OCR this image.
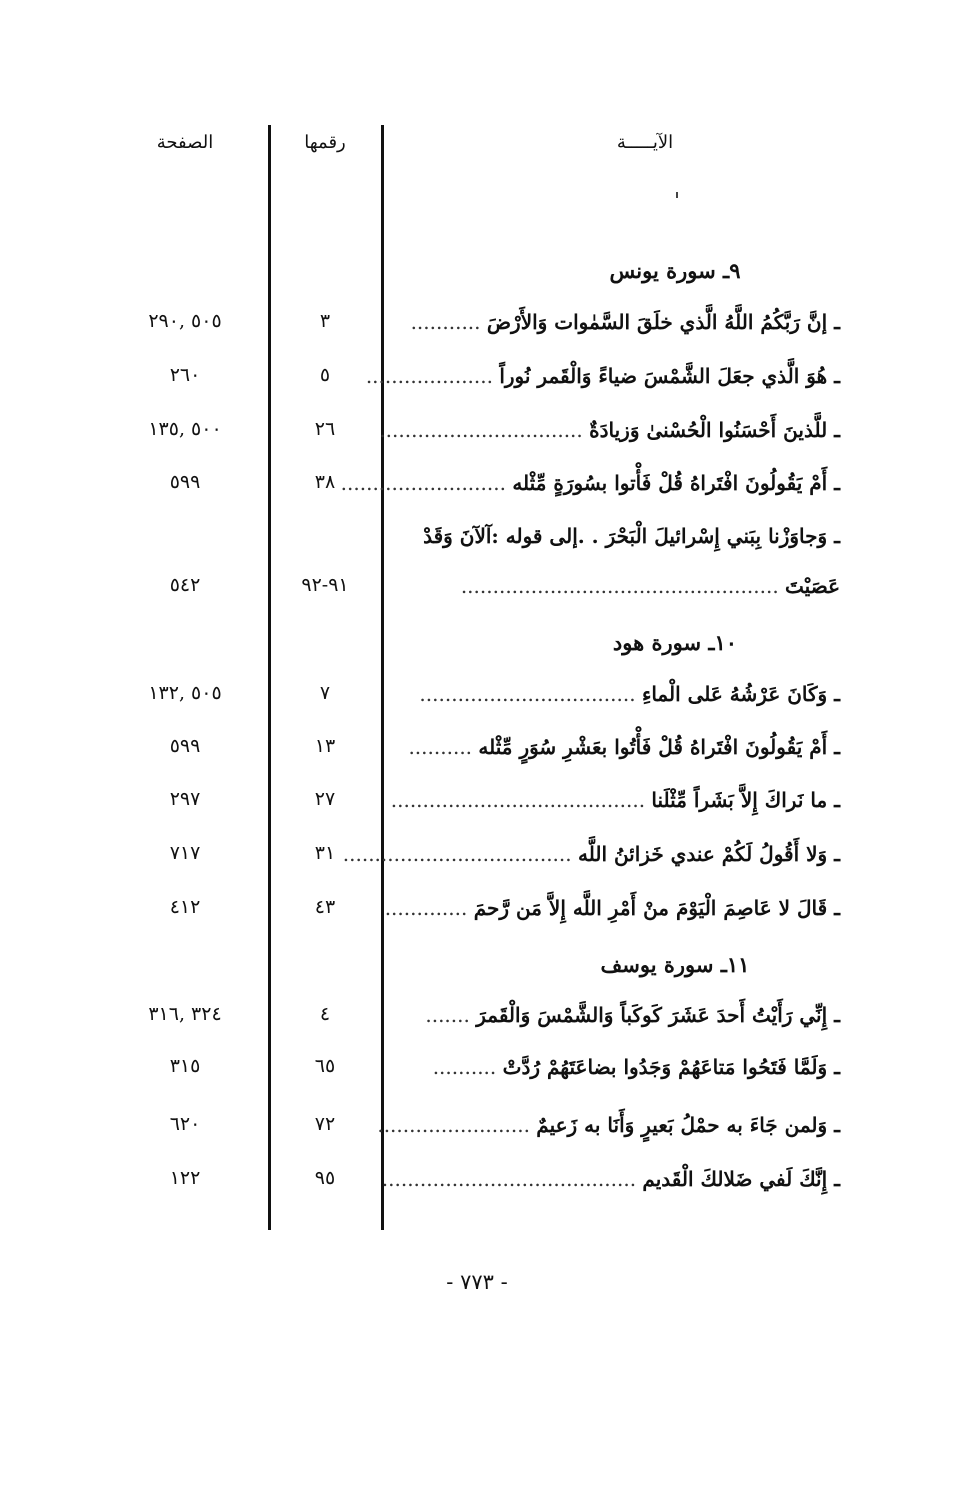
الآيـــــة
رقمها
الصفحة
٩ـ سورة يونس
ـ إنَّ رَبَّكُمُ اللَّهُ الَّذي خلَقَ السَّمٰوات وَالأَرْضَ ...........
٣
٥٠٥ ,٢٩٠
ـ هُوَ الَّذي جعَلَ الشَّمْسَ ضياءً وَالْقَمر نُوراً ....................
٥
٢٦٠
ـ للَّذينَ أَحْسَنُوا الْحُسْنىٰ وَزيادَةٌ ................................
٢٦
٥٠٠ ,١٣٥
ـ أَمْ يَقُولُونَ افْتَراهُ قُلْ فَأْتوا بسُورَةٍ مِّثْله ..........................
٣٨
٥٩٩
ـ وَجاوَزْنا بِبَني إِسْرائيلَ الْبَحْرَ . .إلى قوله :آلآنَ وَقَدْ
عَصَيْتَ ..................................................
٩١-٩٢
٥٤٢
١٠ـ سورة هود
ـ وَكَانَ عَرْشُهُ عَلى الْماءِ ..................................
٧
٥٠٥ ,١٣٢
ـ أَمْ يَقُولُونَ افْتَراهُ قُلْ فَأْتُوا بعَشْرِ سُوَرٍ مِّثْله ..........
١٣
٥٩٩
ـ ما نَراكَ إِلاَّ بَشَراً مِّثْلَنا ........................................
٢٧
٢٩٧
ـ وَلا أَقُولُ لَكُمْ عندي خَزائنُ اللَّه ....................................
٣١
٧١٧
ـ قَالَ لا عَاصِمَ الْيَوْمَ منْ أَمْرِ اللَّه إِلاَّ مَن رَّحمَ .............
٤٣
٤١٢
١١ـ سورة يوسف
ـ إِنِّي رَأَيْتُ أَحدَ عَشَرَ كَوكَباً وَالشَّمْسَ وَالْقَمرَ .......
٤
٣٢٤ ,٣١٦
ـ وَلَمَّا فَتَحُوا مَتاعَهُمْ وَجَدُوا بضاعَتَهُمْ رُدَّتْ ..........
٦٥
٣١٥
ـ وَلمن جَاءَ به حمْلُ بَعيرٍ وَأَنَا به زَعيمٌ ........................
٧٢
٦٢٠
ـ إِنَّكَ لَفي ضَلالكَ الْقَديم ........................................
٩٥
١٢٢
- ٧٧٣ -
